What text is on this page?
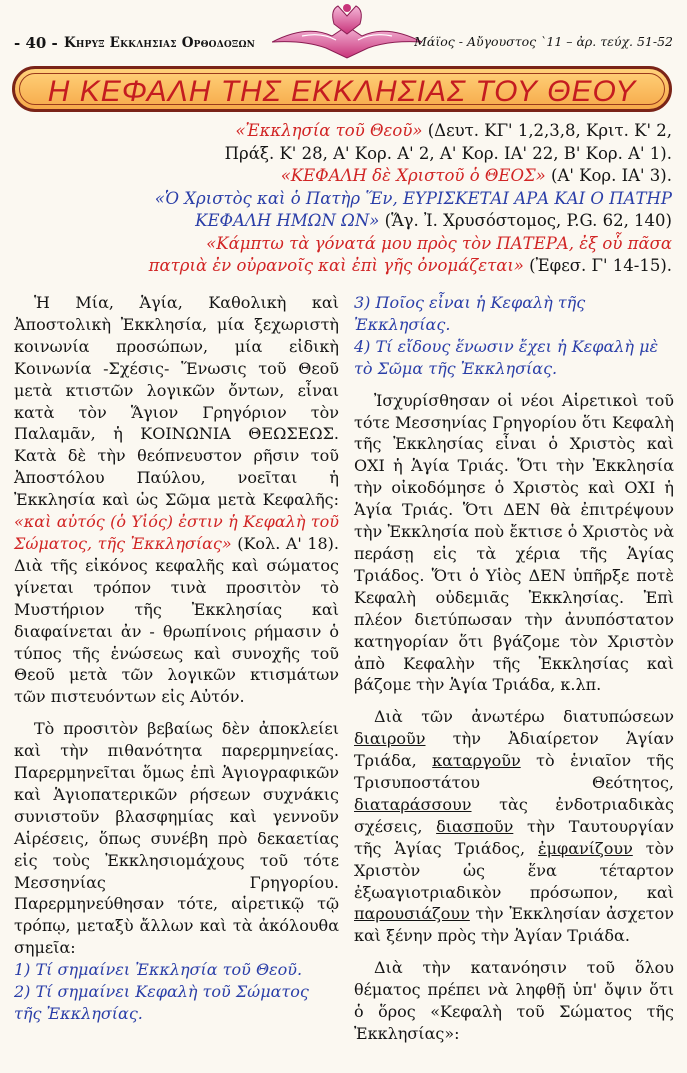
- 40 - Κηρυξ Εκκλησιας Ορθοδοξων	Μάϊος - Αὔγουστος `11 – ἀρ. τεύχ. 51-52
Η ΚΕΦΑΛΗ ΤΗΣ ΕΚΚΛΗΣΙΑΣ ΤΟΥ ΘΕΟΥ
«Ἐκκλησία τοῦ Θεοῦ» (Δευτ. ΚΓ' 1,2,3,8, Κριτ. Κ' 2,
Πράξ. Κ' 28, Α' Κορ. Α' 2, Α' Κορ. ΙΑ' 22, Β' Κορ. Α' 1).
«ΚΕΦΑΛΗ δὲ Χριστοῦ ὁ ΘΕΟΣ» (Α' Κορ. ΙΑ' 3).
«Ὁ Χριστὸς καὶ ὁ Πατὴρ Ἕν, ΕΥΡΙΣΚΕΤΑΙ ΑΡΑ ΚΑΙ Ο ΠΑΤΗΡ
ΚΕΦΑΛΗ ΗΜΩΝ ΩΝ» (Ἅγ. Ἰ. Χρυσόστομος, P.G. 62, 140)
«Κάμπτω τὰ γόνατά μου πρὸς τὸν ΠΑΤΕΡΑ, ἐξ οὗ πᾶσα
πατριὰ ἐν οὐρανοῖς καὶ ἐπὶ γῆς ὀνομάζεται» (Ἐφεσ. Γ' 14-15).

Ἡ Μία, Ἁγία, Καθολικὴ καὶ Ἀποστολικὴ Ἐκκλησία, μία ξεχωριστὴ κοινωνία προσώπων, μία εἰδικὴ Κοινωνία -Σχέσις- Ἕνωσις τοῦ Θεοῦ μετὰ κτιστῶν λογικῶν ὄντων, εἶναι κατὰ τὸν Ἅγιον Γρηγόριον τὸν Παλαμᾶν, ἡ ΚΟΙΝΩΝΙΑ ΘΕΩΣΕΩΣ. Κατὰ δὲ τὴν θεόπνευστον ρῆσιν τοῦ Ἀποστόλου Παύλου, νοεῖται ἡ Ἐκκλησία καὶ ὡς Σῶμα μετὰ Κεφαλῆς: «καὶ αὐτός (ὁ Υἱός) ἐστιν ἡ Κεφαλὴ τοῦ Σώματος, τῆς Ἐκκλησίας» (Κολ. Α' 18). Διὰ τῆς εἰκόνος κεφαλῆς καὶ σώματος γίνεται τρόπον τινὰ προσιτὸν τὸ Μυστήριον τῆς Ἐκκλησίας καὶ διαφαίνεται ἀν - θρωπίνοις ρήμασιν ὁ τύπος τῆς ἑνώσεως καὶ συνοχῆς τοῦ Θεοῦ μετὰ τῶν λογικῶν κτισμάτων τῶν πιστευόντων εἰς Αὐτόν.

Τὸ προσιτὸν βεβαίως δὲν ἀποκλείει καὶ τὴν πιθανότητα παρερμηνείας. Παρερμηνεῖται ὅμως ἐπὶ Ἁγιογραφικῶν καὶ Ἁγιοπατερικῶν ρήσεων συχνάκις συνιστοῦν βλασφημίας καὶ γεννοῦν Αἱρέσεις, ὅπως συνέβη πρὸ δεκαετίας εἰς τοὺς Ἐκκλησιομάχους τοῦ τότε Μεσσηνίας Γρηγορίου. Παρερμηνεύθησαν τότε, αἱρετικῷ τῷ τρόπῳ, μεταξὺ ἄλλων καὶ τὰ ἀκόλουθα σημεῖα:

1) Τί σημαίνει Ἐκκλησία τοῦ Θεοῦ.

2) Τί σημαίνει Κεφαλὴ τοῦ Σώματος τῆς Ἐκκλησίας.

3) Ποῖος εἶναι ἡ Κεφαλὴ τῆς Ἐκκλησίας.

4) Τί εἴδους ἕνωσιν ἔχει ἡ Κεφαλὴ μὲ τὸ Σῶμα τῆς Ἐκκλησίας.

Ἰσχυρίσθησαν οἱ νέοι Αἱρετικοὶ τοῦ τότε Μεσσηνίας Γρηγορίου ὅτι Κεφαλὴ τῆς Ἐκκλησίας εἶναι ὁ Χριστὸς καὶ ΟΧΙ ἡ Ἁγία Τριάς. Ὅτι τὴν Ἐκκλησία τὴν οἰκοδόμησε ὁ Χριστὸς καὶ ΟΧΙ ἡ Ἁγία Τριάς. Ὅτι ΔΕΝ θὰ ἐπιτρέψουν τὴν Ἐκκλησία ποὺ ἔκτισε ὁ Χριστὸς νὰ περάσῃ εἰς τὰ χέρια τῆς Ἁγίας Τριάδος. Ὅτι ὁ Υἱὸς ΔΕΝ ὑπῆρξε ποτὲ Κεφαλὴ οὐδεμιᾶς Ἐκκλησίας. Ἐπὶ πλέον διετύπωσαν τὴν ἀνυπόστατον κατηγορίαν ὅτι βγάζομε τὸν Χριστὸν ἀπὸ Κεφαλὴν τῆς Ἐκκλησίας καὶ βάζομε τὴν Ἁγία Τριάδα, κ.λπ.

Διὰ τῶν ἀνωτέρω διατυπώσεων διαιροῦν τὴν Ἀδιαίρετον Ἁγίαν Τριάδα, καταργοῦν τὸ ἑνιαῖον τῆς Τρισυποστάτου Θεότητος, διαταράσσουν τὰς ἐνδοτριαδικὰς σχέσεις, διασποῦν τὴν Ταυτουργίαν τῆς Ἁγίας Τριάδος, ἐμφανίζουν τὸν Χριστὸν ὡς ἕνα τέταρτον ἐξωαγιοτριαδικὸν πρόσωπον, καὶ παρουσιάζουν τὴν Ἐκκλησίαν ἀσχετον καὶ ξένην πρὸς τὴν Ἁγίαν Τριάδα.

Διὰ τὴν κατανόησιν τοῦ ὅλου θέματος πρέπει νὰ ληφθῇ ὑπ' ὄψιν ὅτι ὁ ὅρος «Κεφαλὴ τοῦ Σώματος τῆς Ἐκκλησίας»:
